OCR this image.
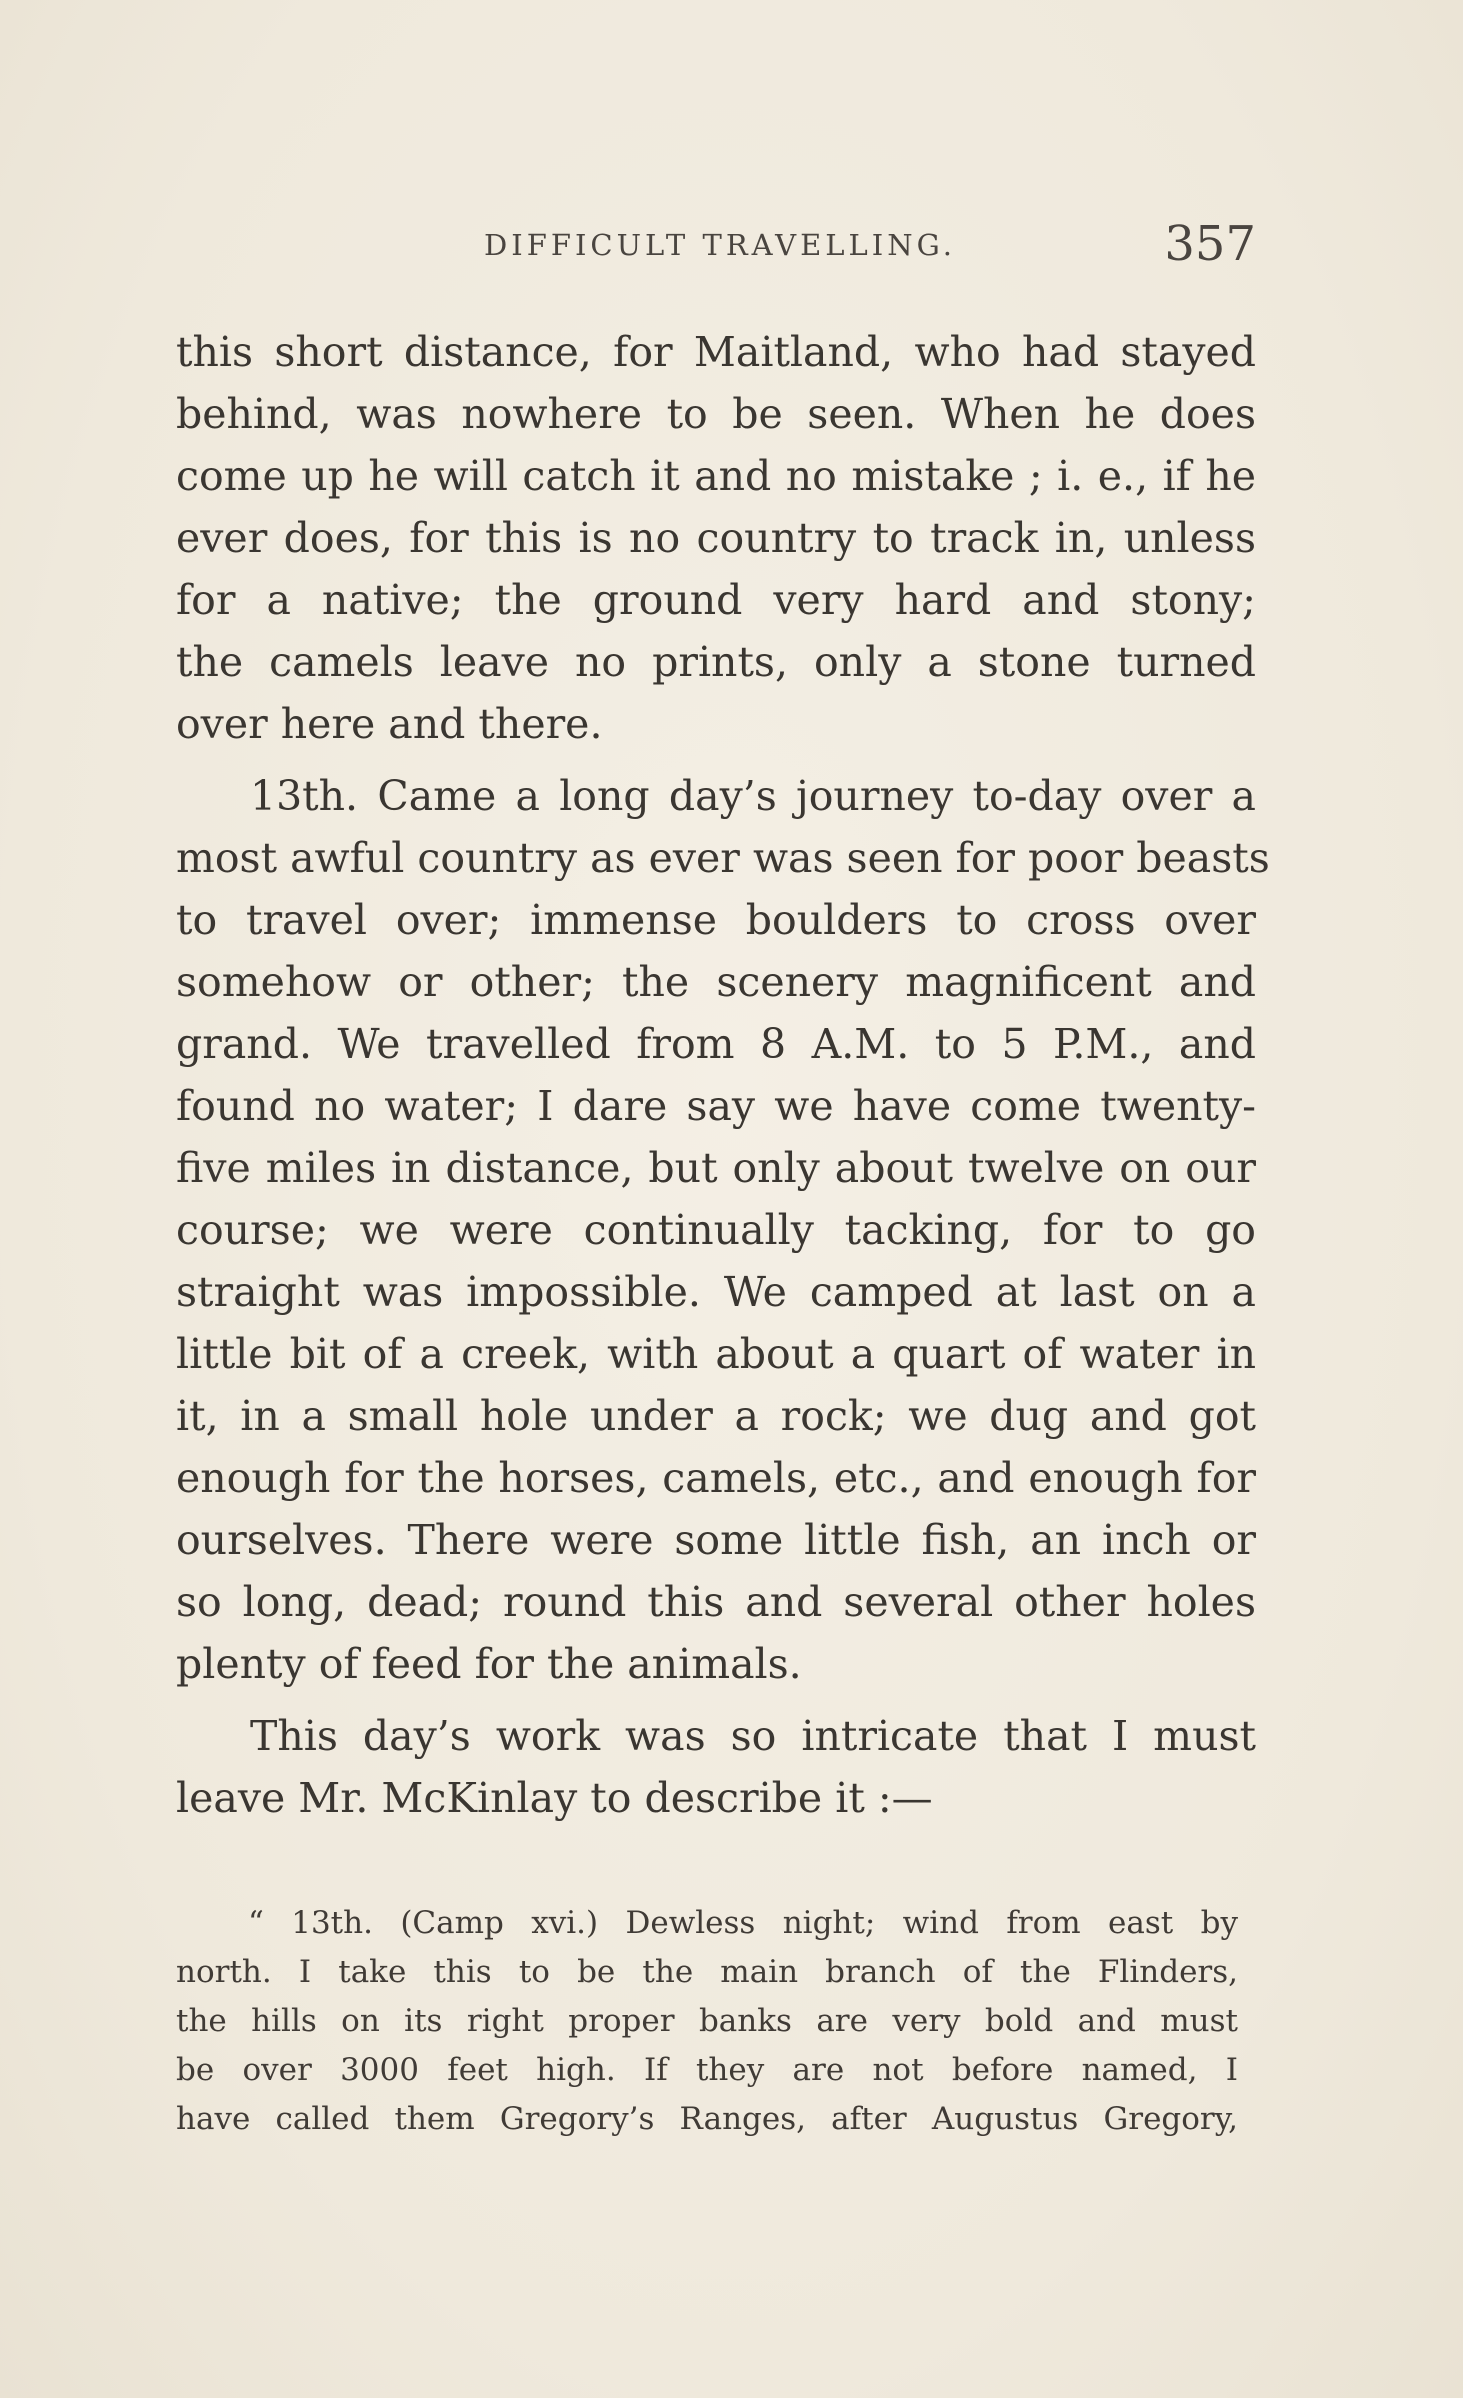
DIFFICULT TRAVELLING.	357
this short distance, for Maitland, who had stayed
behind, was nowhere to be seen. When he does
come up he will catch it and no mistake ; i. e., if he
ever does, for this is no country to track in, unless
for a native; the ground very hard and stony;
the camels leave no prints, only a stone turned
over here and there.
13th. Came a long day’s journey to-day over a
most awful country as ever was seen for poor beasts
to travel over; immense boulders to cross over
somehow or other; the scenery magnificent and
grand. We travelled from 8 A.M. to 5 P.M., and
found no water; I dare say we have come twenty-
five miles in distance, but only about twelve on our
course; we were continually tacking, for to go
straight was impossible. We camped at last on a
little bit of a creek, with about a quart of water in
it, in a small hole under a rock; we dug and got
enough for the horses, camels, etc., and enough for
ourselves. There were some little fish, an inch or
so long, dead; round this and several other holes
plenty of feed for the animals.
This day’s work was so intricate that I must
leave Mr. McKinlay to describe it :—
“ 13th. (Camp xvi.) Dewless night; wind from east by
north. I take this to be the main branch of the Flinders,
the hills on its right proper banks are very bold and must
be over 3000 feet high. If they are not before named, I
have called them Gregory’s Ranges, after Augustus Gregory,
